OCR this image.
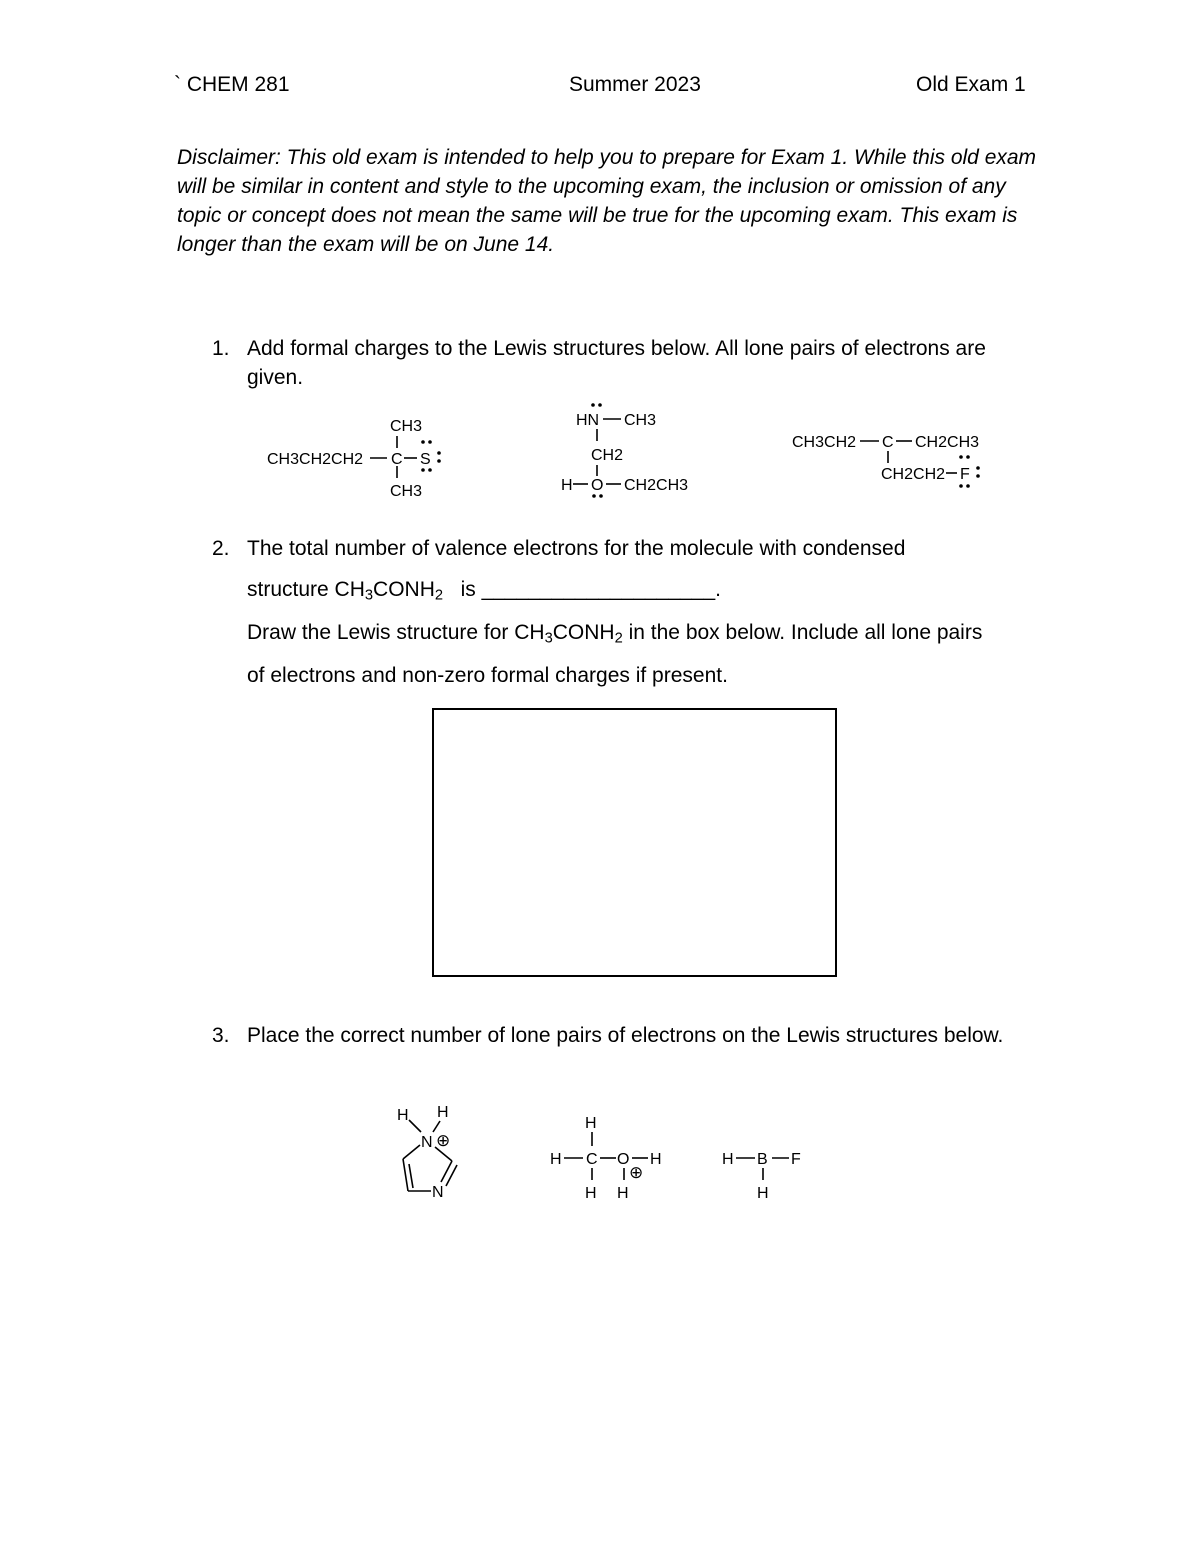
` CHEM 281	Summer 2023	Old Exam 1
Disclaimer: This old exam is intended to help you to prepare for Exam 1. While this old exam will be similar in content and style to the upcoming exam, the inclusion or omission of any topic or concept does not mean the same will be true for the upcoming exam. This exam is longer than the exam will be on June 14.
1. Add formal charges to the Lewis structures below. All lone pairs of electrons are given.
CH3
CH3CH2CH2 C S
CH3
HN CH3
CH2
H O CH2CH3
CH3CH2 C CH2CH3
CH2CH2 F
2. The total number of valence electrons for the molecule with condensed
structure $CH_3CONH_2$ is ____________________.
Draw the Lewis structure for $CH_3CONH_2$ in the box below. Include all lone pairs
of electrons and non-zero formal charges if present.
3. Place the correct number of lone pairs of electrons on the Lewis structures below.
H H
N ⊕
N
H
H C O H
⊕
H H
H B F
H
